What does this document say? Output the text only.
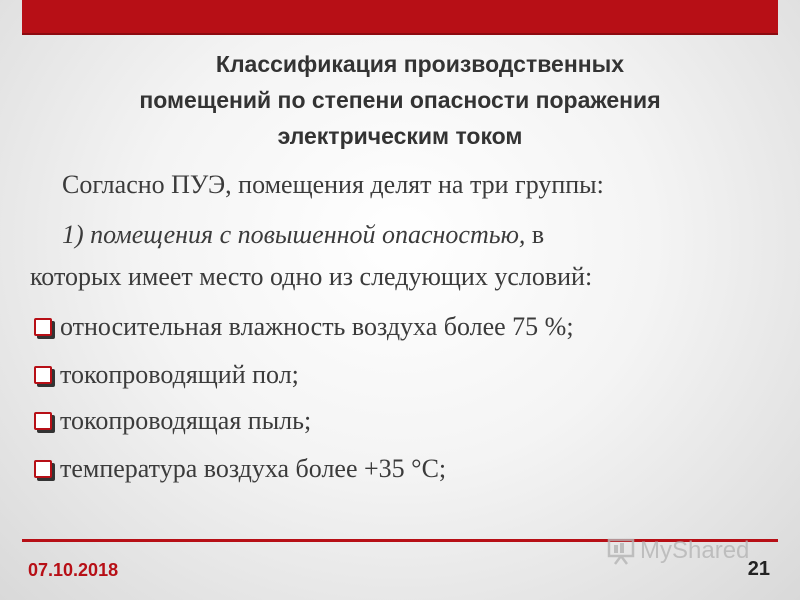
Классификация производственных
помещений по степени опасности поражения
электрическим током
Согласно ПУЭ, помещения делят на три группы:
1) помещения с повышенной опасностью, в
которых имеет место одно из следующих условий:
относительная влажность воздуха более 75 %;
токопроводящий пол;
токопроводящая пыль;
температура воздуха более +35 °С;
MyShared
07.10.2018	21
